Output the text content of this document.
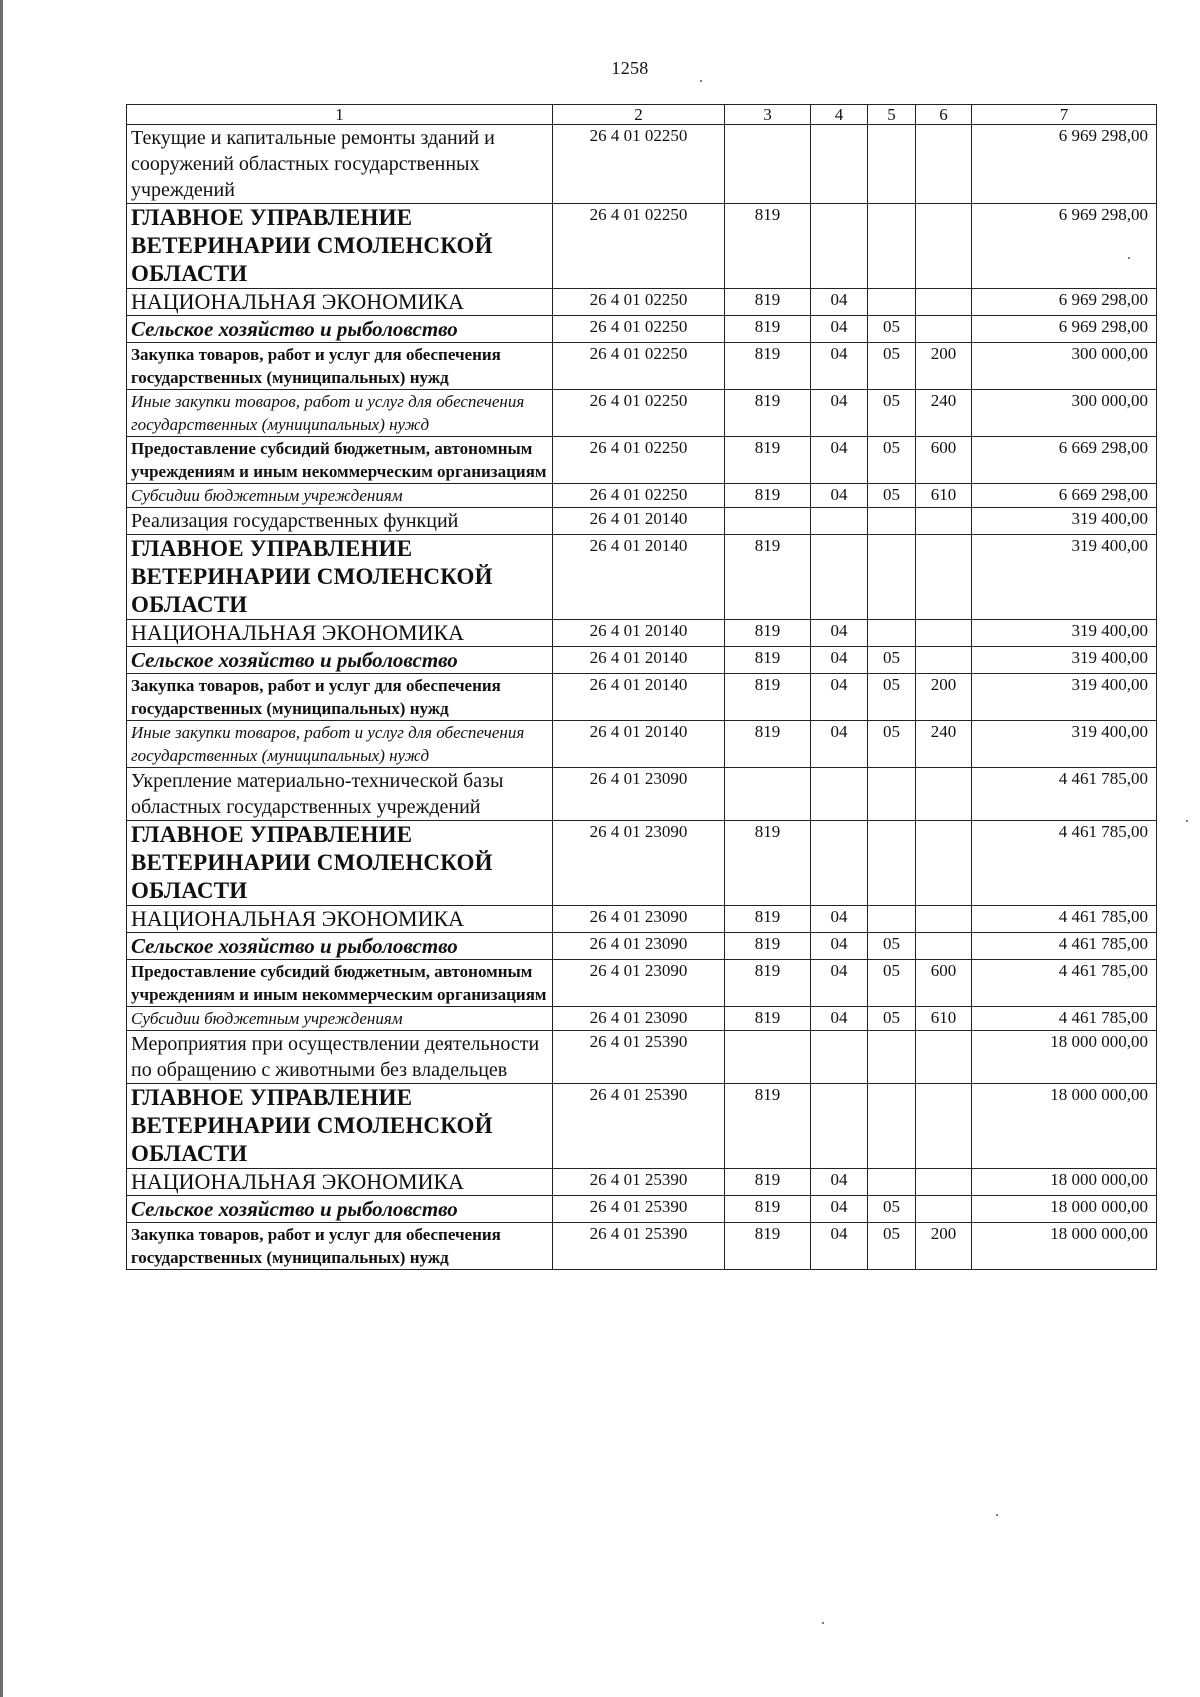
1258
1	2	3	4	5	6	7
Текущие и капитальные ремонты зданий и сооружений областных государственных учреждений	26 4 01 02250					6 969 298,00
ГЛАВНОЕ УПРАВЛЕНИЕ ВЕТЕРИНАРИИ СМОЛЕНСКОЙ ОБЛАСТИ	26 4 01 02250	819				6 969 298,00
НАЦИОНАЛЬНАЯ ЭКОНОМИКА	26 4 01 02250	819	04			6 969 298,00
Сельское хозяйство и рыболовство	26 4 01 02250	819	04	05		6 969 298,00
Закупка товаров, работ и услуг для обеспечения государственных (муниципальных) нужд	26 4 01 02250	819	04	05	200	300 000,00
Иные закупки товаров, работ и услуг для обеспечения государственных (муниципальных) нужд	26 4 01 02250	819	04	05	240	300 000,00
Предоставление субсидий бюджетным, автономным учреждениям и иным некоммерческим организациям	26 4 01 02250	819	04	05	600	6 669 298,00
Субсидии бюджетным учреждениям	26 4 01 02250	819	04	05	610	6 669 298,00
Реализация государственных функций	26 4 01 20140					319 400,00
ГЛАВНОЕ УПРАВЛЕНИЕ ВЕТЕРИНАРИИ СМОЛЕНСКОЙ ОБЛАСТИ	26 4 01 20140	819				319 400,00
НАЦИОНАЛЬНАЯ ЭКОНОМИКА	26 4 01 20140	819	04			319 400,00
Сельское хозяйство и рыболовство	26 4 01 20140	819	04	05		319 400,00
Закупка товаров, работ и услуг для обеспечения государственных (муниципальных) нужд	26 4 01 20140	819	04	05	200	319 400,00
Иные закупки товаров, работ и услуг для обеспечения государственных (муниципальных) нужд	26 4 01 20140	819	04	05	240	319 400,00
Укрепление материально-технической базы областных государственных учреждений	26 4 01 23090					4 461 785,00
ГЛАВНОЕ УПРАВЛЕНИЕ ВЕТЕРИНАРИИ СМОЛЕНСКОЙ ОБЛАСТИ	26 4 01 23090	819				4 461 785,00
НАЦИОНАЛЬНАЯ ЭКОНОМИКА	26 4 01 23090	819	04			4 461 785,00
Сельское хозяйство и рыболовство	26 4 01 23090	819	04	05		4 461 785,00
Предоставление субсидий бюджетным, автономным учреждениям и иным некоммерческим организациям	26 4 01 23090	819	04	05	600	4 461 785,00
Субсидии бюджетным учреждениям	26 4 01 23090	819	04	05	610	4 461 785,00
Мероприятия при осуществлении деятельности по обращению с животными без владельцев	26 4 01 25390					18 000 000,00
ГЛАВНОЕ УПРАВЛЕНИЕ ВЕТЕРИНАРИИ СМОЛЕНСКОЙ ОБЛАСТИ	26 4 01 25390	819				18 000 000,00
НАЦИОНАЛЬНАЯ ЭКОНОМИКА	26 4 01 25390	819	04			18 000 000,00
Сельское хозяйство и рыболовство	26 4 01 25390	819	04	05		18 000 000,00
Закупка товаров, работ и услуг для обеспечения государственных (муниципальных) нужд	26 4 01 25390	819	04	05	200	18 000 000,00
